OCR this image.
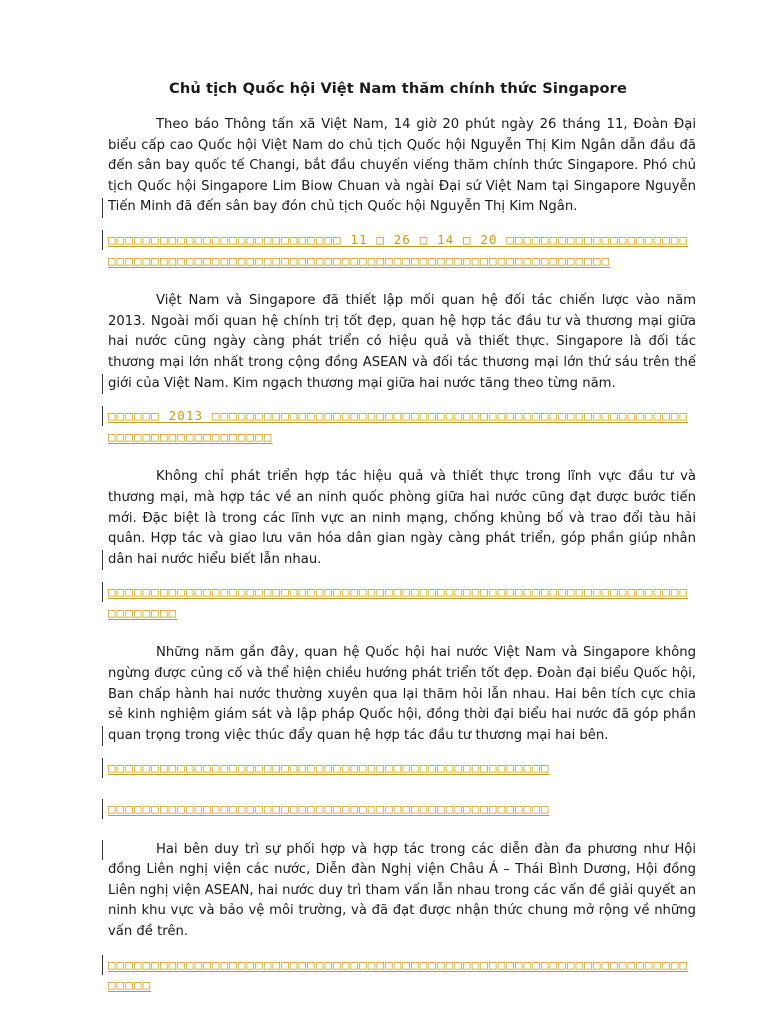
Chủ tịch Quốc hội Việt Nam thăm chính thức Singapore

Theo báo Thông tấn xã Việt Nam, 14 giờ 20 phút ngày 26 tháng 11, Đoàn Đại biểu cấp cao Quốc hội Việt Nam do chủ tịch Quốc hội Nguyễn Thị Kim Ngân dẫn đầu đã đến sân bay quốc tế Changi, bắt đầu chuyến viếng thăm chính thức Singapore. Phó chủ tịch Quốc hội Singapore Lim Biow Chuan và ngài Đại sứ Việt Nam tại Singapore Nguyễn Tiến Minh đã đến sân bay đón chủ tịch Quốc hội Nguyễn Thị Kim Ngân.

□□□□□□□□□□□□□□□□□□□□□□□□□□□ 11 □ 26 □ 14 □ 20 □□□□□□□□□□□□□□□□□□□□□□□□□□□□□□□□□□□□□□□□□□□□□□□□□□□□□□□□□□□□□□□□□□□□□□□□□□□□□□□

Việt Nam và Singapore đã thiết lập mối quan hệ đối tác chiến lược vào năm 2013. Ngoài mối quan hệ chính trị tốt đẹp, quan hệ hợp tác đầu tư và thương mại giữa hai nước cũng ngày càng phát triển có hiệu quả và thiết thực. Singapore là đối tác thương mại lớn nhất trong cộng đồng ASEAN và đối tác thương mại lớn thứ sáu trên thế giới của Việt Nam. Kim ngạch thương mại giữa hai nước tăng theo từng năm.

□□□□□□ 2013 □□□□□□□□□□□□□□□□□□□□□□□□□□□□□□□□□□□□□□□□□□□□□□□□□□□□□□□□□□□□□□□□□□□□□□□□□□

Không chỉ phát triển hợp tác hiệu quả và thiết thực trong lĩnh vực đầu tư và thương mại, mà hợp tác về an ninh quốc phòng giữa hai nước cũng đạt được bước tiến mới. Đặc biệt là trong các lĩnh vực an ninh mạng, chống khủng bố và trao đổi tàu hải quân. Hợp tác và giao lưu văn hóa dân gian ngày càng phát triển, góp phần giúp nhân dân hai nước hiểu biết lẫn nhau.

□□□□□□□□□□□□□□□□□□□□□□□□□□□□□□□□□□□□□□□□□□□□□□□□□□□□□□□□□□□□□□□□□□□□□□□□□□□

Những năm gần đây, quan hệ Quốc hội hai nước Việt Nam và Singapore không ngừng được củng cố và thể hiện chiều hướng phát triển tốt đẹp. Đoàn đại biểu Quốc hội, Ban chấp hành hai nước thường xuyên qua lại thăm hỏi lẫn nhau. Hai bên tích cực chia sẻ kinh nghiệm giám sát và lập pháp Quốc hội, đồng thời đại biểu hai nước đã góp phần quan trọng trong việc thúc đẩy quan hệ hợp tác đầu tư thương mại hai bên.

□□□□□□□□□□□□□□□□□□□□□□□□□□□□□□□□□□□□□□□□□□□□□□□□□□□

□□□□□□□□□□□□□□□□□□□□□□□□□□□□□□□□□□□□□□□□□□□□□□□□□□□

Hai bên duy trì sự phối hợp và hợp tác trong các diễn đàn đa phương như Hội đồng Liên nghị viện các nước, Diễn đàn Nghị viện Châu Á – Thái Bình Dương, Hội đồng Liên nghị viện ASEAN, hai nước duy trì tham vấn lẫn nhau trong các vấn đề giải quyết an ninh khu vực và bảo vệ môi trường, và đã đạt được nhận thức chung mở rộng về những vấn đề trên.

□□□□□□□□□□□□□□□□□□□□□□□□□□□□□□□□□□□□□□□□□□□□□□□□□□□□□□□□□□□□□□□□□□□□□□□□
